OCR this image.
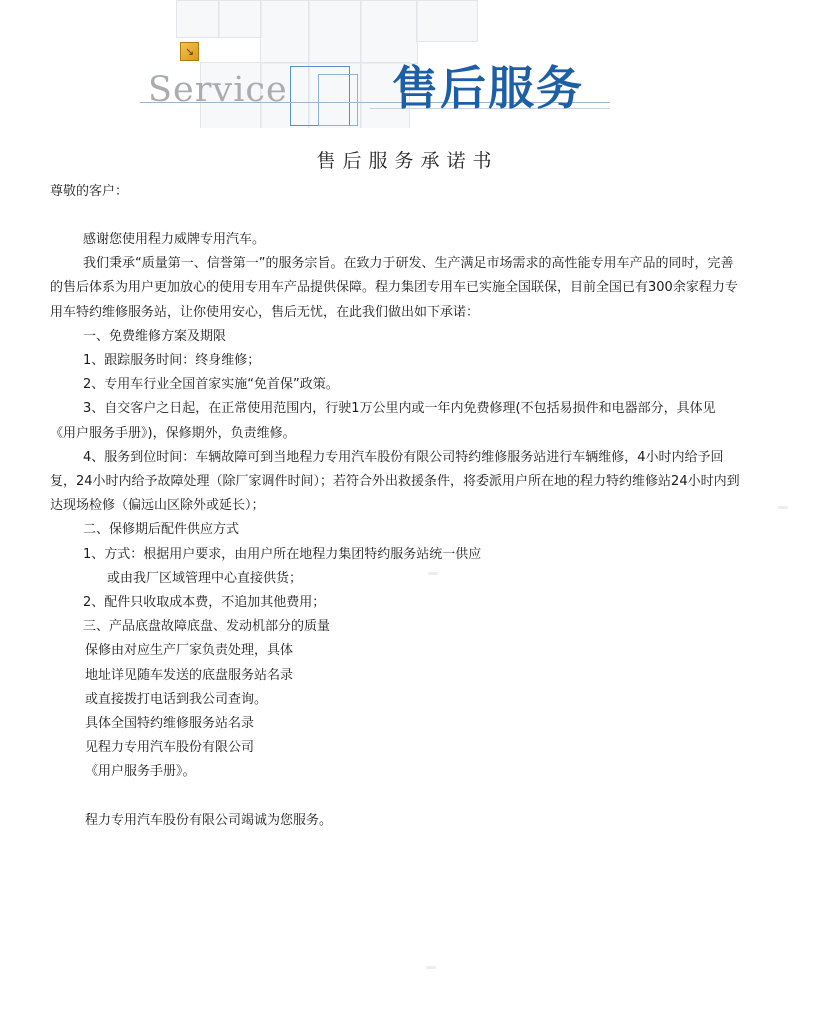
↘
Service 售后服务
售后服务承诺书
尊敬的客户：

感谢您使用程力威牌专用汽车。

我们秉承“质量第一、信誉第一”的服务宗旨。在致力于研发、生产满足市场需求的高性能专用车产品的同时，完善的售后体系为用户更加放心的使用专用车产品提供保障。程力集团专用车已实施全国联保，目前全国已有300余家程力专用车特约维修服务站，让你使用安心，售后无忧，在此我们做出如下承诺：

一、免费维修方案及期限

1、跟踪服务时间：终身维修；

2、专用车行业全国首家实施“免首保”政策。

3、自交客户之日起，在正常使用范围内，行驶1万公里内或一年内免费修理(不包括易损件和电器部分，具体见《用户服务手册》)，保修期外，负责维修。

4、服务到位时间：车辆故障可到当地程力专用汽车股份有限公司特约维修服务站进行车辆维修，4小时内给予回复，24小时内给予故障处理（除厂家调件时间）；若符合外出救援条件，将委派用户所在地的程力特约维修站24小时内到达现场检修（偏远山区除外或延长）；

二、保修期后配件供应方式

1、方式：根据用户要求，由用户所在地程力集团特约服务站统一供应

或由我厂区域管理中心直接供货；

2、配件只收取成本费，不追加其他费用；

三、产品底盘故障底盘、发动机部分的质量

保修由对应生产厂家负责处理，具体

地址详见随车发送的底盘服务站名录

或直接拨打电话到我公司查询。

具体全国特约维修服务站名录

见程力专用汽车股份有限公司

《用户服务手册》。

程力专用汽车股份有限公司竭诚为您服务。
